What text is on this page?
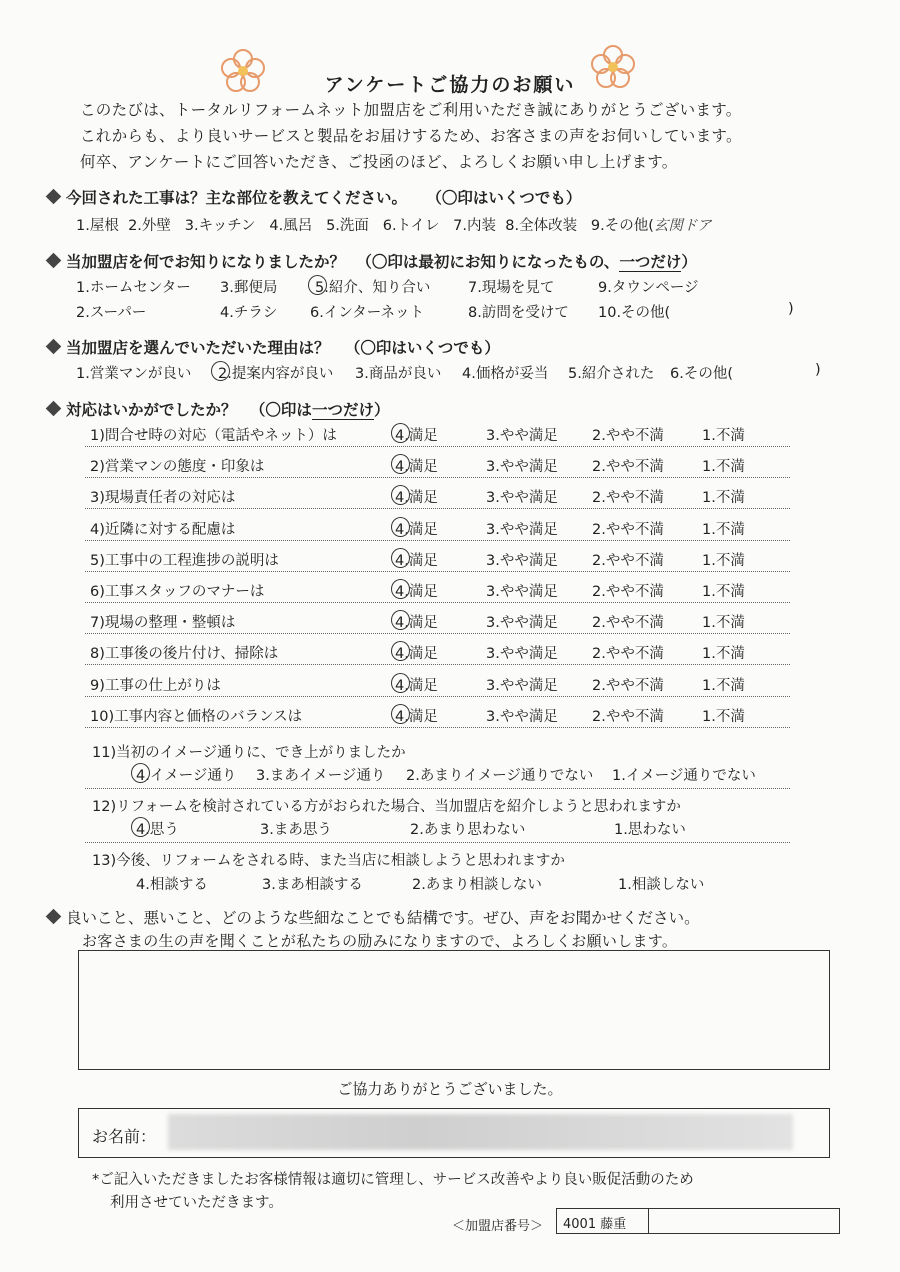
アンケートご協力のお願い
このたびは、トータルリフォームネット加盟店をご利用いただき誠にありがとうございます。
これからも、より良いサービスと製品をお届けするため、お客さまの声をお伺いしています。
何卒、アンケートにご回答いただき、ご投函のほど、よろしくお願い申し上げます。
今回された工事は？主な部位を教えてください。 （〇印はいくつでも）
1.屋根 2.外壁 3.キッチン 4.風呂 5.洗面 6.トイレ 7.内装 8.全体改装 9.その他(玄関ドア
当加盟店を何でお知りになりましたか？ （〇印は最初にお知りになったもの、一つだけ）
1.ホームセンター 3.郵便局	5.紹介、知り合い	7.現場を見て	9.タウンページ
2.スーパー	4.チラシ 6.インターネット	8.訪問を受けて 10.その他(	)
当加盟店を選んでいただいた理由は？ （〇印はいくつでも）
1.営業マンが良い 2.提案内容が良い 3.商品が良い 4.価格が妥当 5.紹介された 6.その他(	)
対応はいかがでしたか？ （〇印は一つだけ）
1)問合せ時の対応（電話やネット）は	4.満足	3.やや満足 2.やや不満	1.不満
2)営業マンの態度・印象は	4.満足	3.やや満足 2.やや不満	1.不満
3)現場責任者の対応は	4.満足	3.やや満足 2.やや不満	1.不満
4)近隣に対する配慮は	4.満足	3.やや満足 2.やや不満	1.不満
5)工事中の工程進捗の説明は	4.満足	3.やや満足 2.やや不満	1.不満
6)工事スタッフのマナーは	4.満足	3.やや満足 2.やや不満	1.不満
7)現場の整理・整頓は	4.満足	3.やや満足 2.やや不満	1.不満
8)工事後の後片付け、掃除は	4.満足	3.やや満足 2.やや不満	1.不満
9)工事の仕上がりは	4.満足	3.やや満足 2.やや不満	1.不満
10)工事内容と価格のバランスは	4.満足	3.やや満足 2.やや不満	1.不満
11)当初のイメージ通りに、でき上がりましたか
4.イメージ通り 3.まあイメージ通り 2.あまりイメージ通りでない 1.イメージ通りでない
12)リフォームを検討されている方がおられた場合、当加盟店を紹介しようと思われますか
4.思う	3.まあ思う	2.あまり思わない	1.思わない
13)今後、リフォームをされる時、また当店に相談しようと思われますか
4.相談する	3.まあ相談する	2.あまり相談しない	1.相談しない
良いこと、悪いこと、どのような些細なことでも結構です。ぜひ、声をお聞かせください。
お客さまの生の声を聞くことが私たちの励みになりますので、よろしくお願いします。
ご協力ありがとうございました。
お名前：
*ご記入いただきましたお客様情報は適切に管理し、サービス改善やより良い販促活動のため
利用させていただきます。
＜加盟店番号＞ 4001 藤重
